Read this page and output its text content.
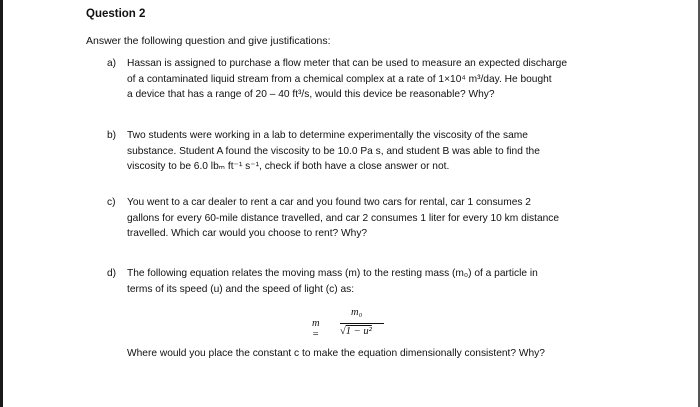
Question 2
Answer the following question and give justifications:
a) Hassan is assigned to purchase a flow meter that can be used to measure an expected discharge
of a contaminated liquid stream from a chemical complex at a rate of 1×10⁴ m³/day. He bought
a device that has a range of 20 – 40 ft³/s, would this device be reasonable? Why?
b) Two students were working in a lab to determine experimentally the viscosity of the same
substance. Student A found the viscosity to be 10.0 Pa s, and student B was able to find the
viscosity to be 6.0 lbₘ ft⁻¹ s⁻¹, check if both have a close answer or not.
c) You went to a car dealer to rent a car and you found two cars for rental, car 1 consumes 2
gallons for every 60-mile distance travelled, and car 2 consumes 1 liter for every 10 km distance
travelled. Which car would you choose to rent? Why?
d) The following equation relates the moving mass (m) to the resting mass (m₀) of a particle in
terms of its speed (u) and the speed of light (c) as:
m =
m₀
√1 − u²
Where would you place the constant c to make the equation dimensionally consistent? Why?
